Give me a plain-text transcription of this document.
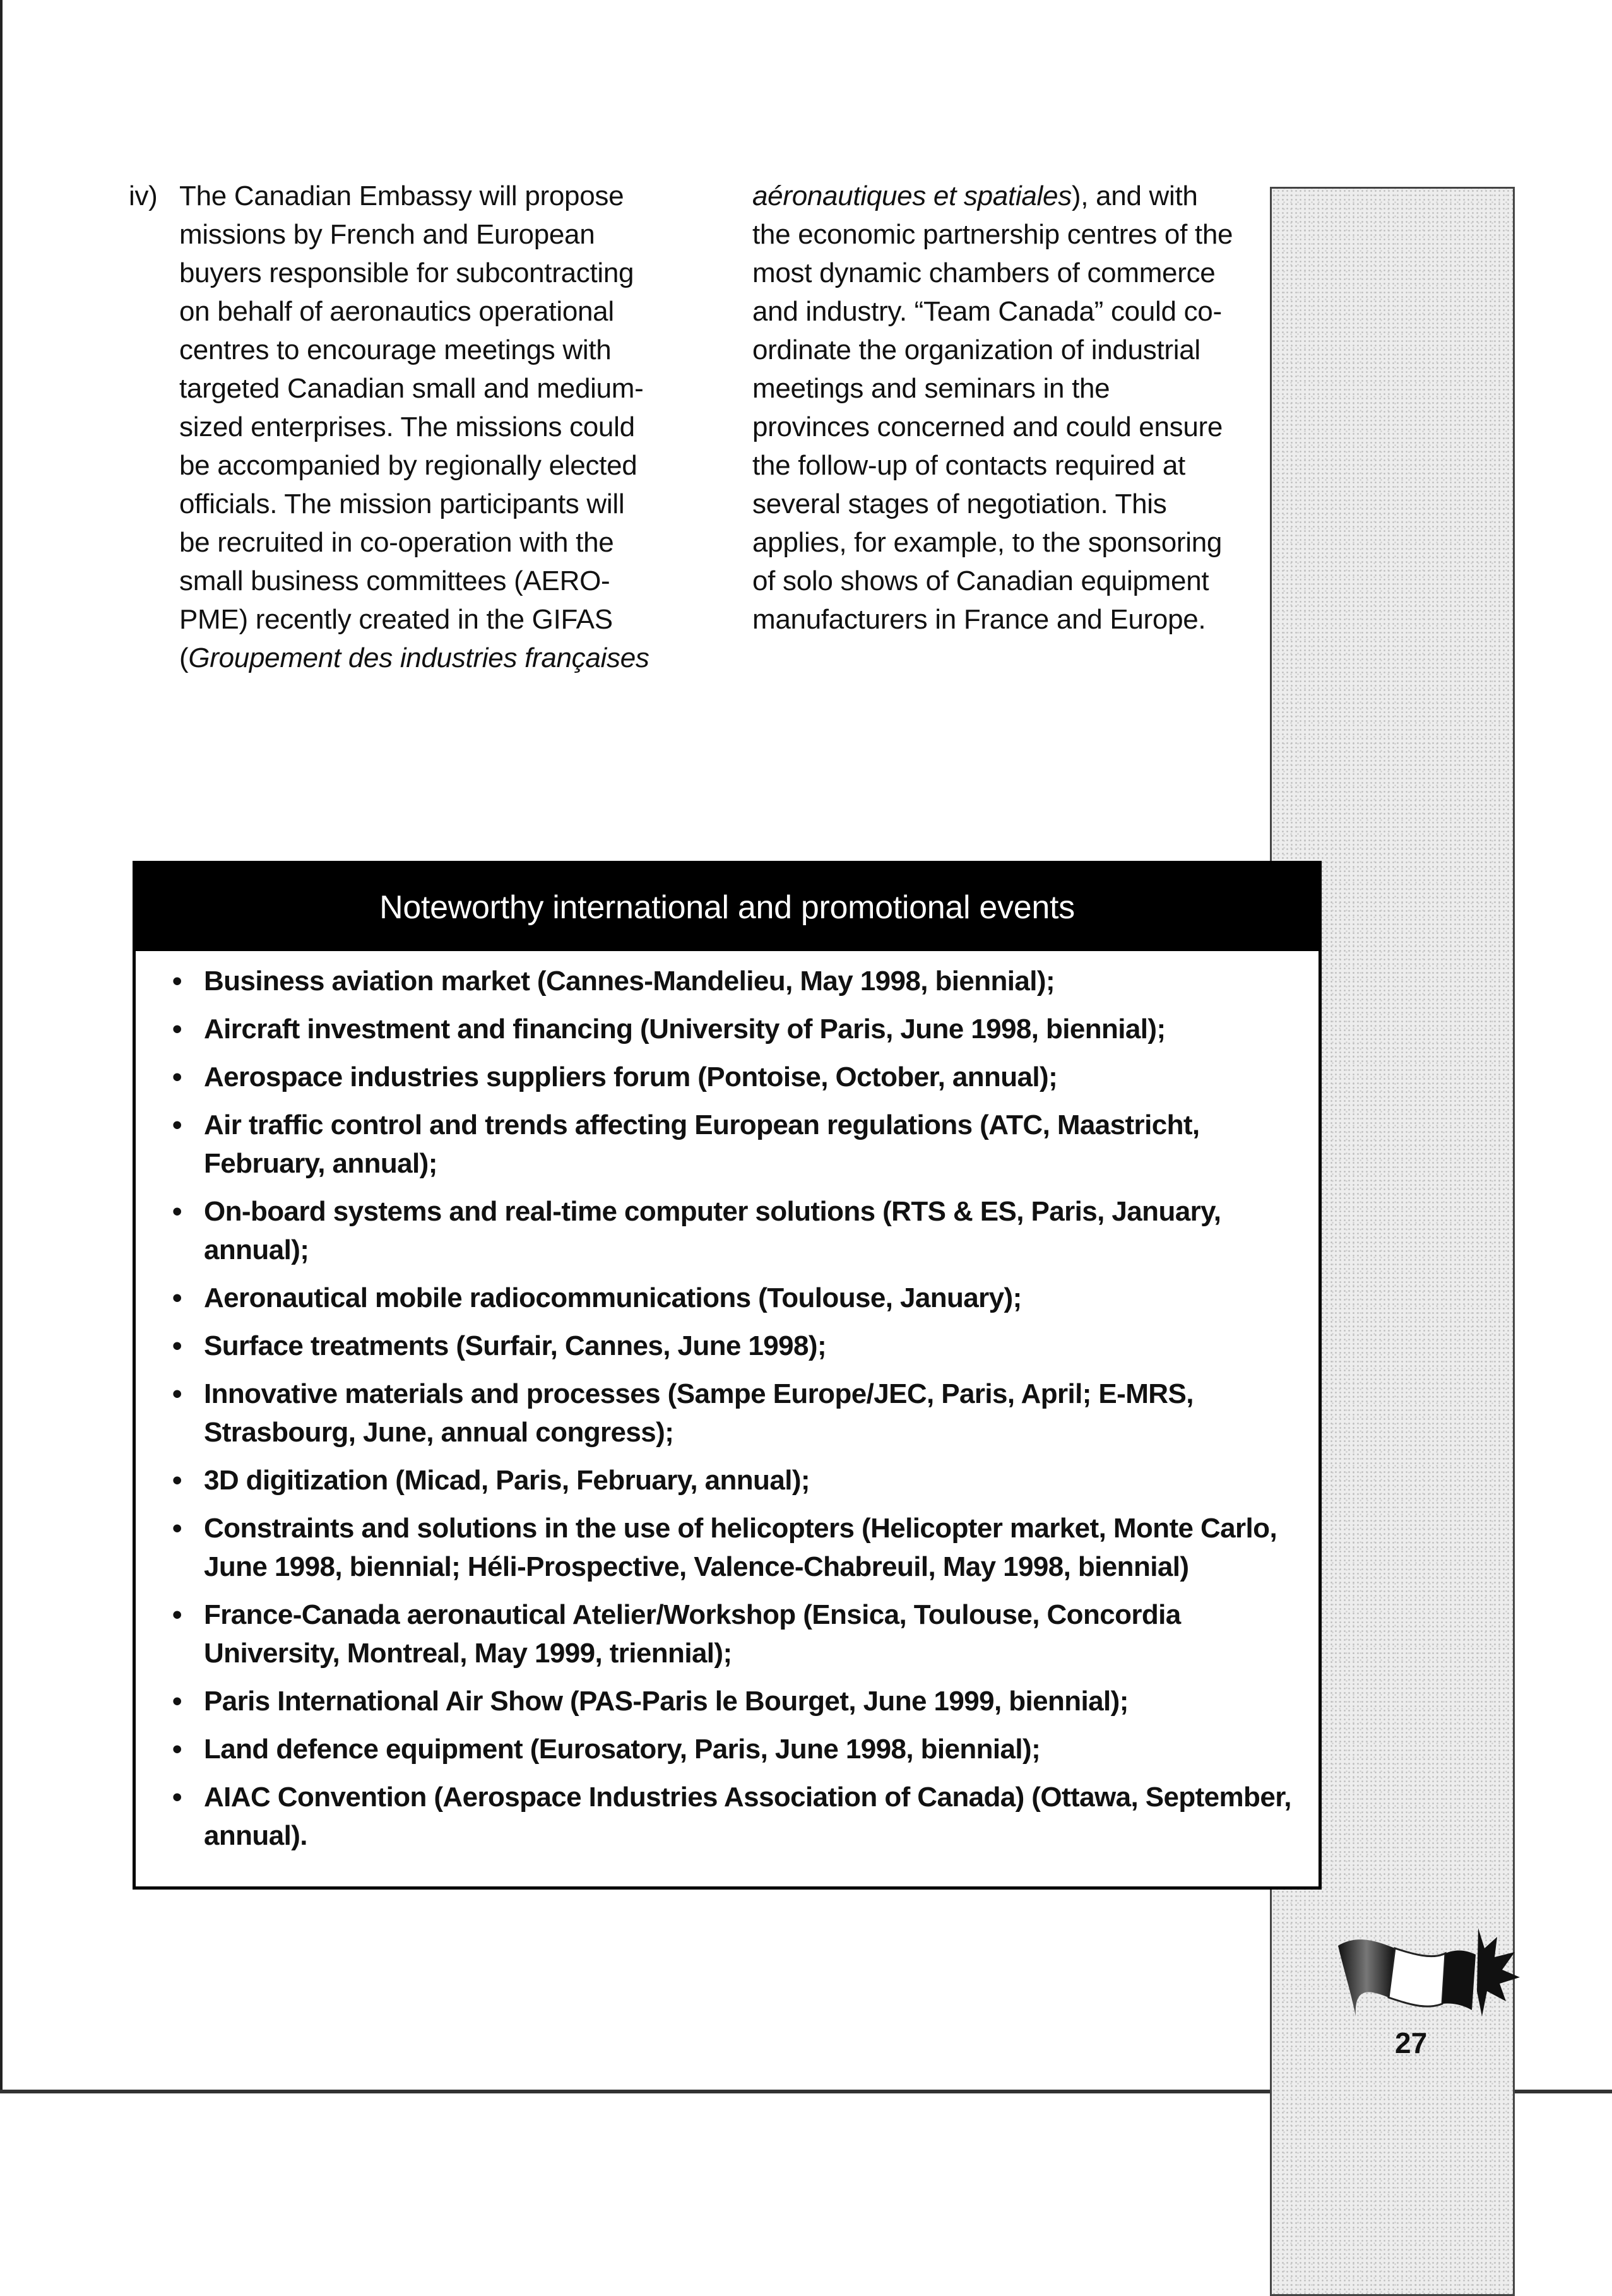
iv) The Canadian Embassy will propose
missions by French and European
buyers responsible for subcontracting
on behalf of aeronautics operational
centres to encourage meetings with
targeted Canadian small and medium-
sized enterprises. The missions could
be accompanied by regionally elected
officials. The mission participants will
be recruited in co-operation with the
small business committees (AERO-
PME) recently created in the GIFAS
(Groupement des industries françaises
aéronautiques et spatiales), and with
the economic partnership centres of the
most dynamic chambers of commerce
and industry. “Team Canada” could co-
ordinate the organization of industrial
meetings and seminars in the
provinces concerned and could ensure
the follow-up of contacts required at
several stages of negotiation. This
applies, for example, to the sponsoring
of solo shows of Canadian equipment
manufacturers in France and Europe.
Noteworthy international and promotional events
• Business aviation market (Cannes-Mandelieu, May 1998, biennial);
• Aircraft investment and financing (University of Paris, June 1998, biennial);
• Aerospace industries suppliers forum (Pontoise, October, annual);
• Air traffic control and trends affecting European regulations (ATC, Maastricht,
February, annual);
• On-board systems and real-time computer solutions (RTS & ES, Paris, January,
annual);
• Aeronautical mobile radiocommunications (Toulouse, January);
• Surface treatments (Surfair, Cannes, June 1998);
• Innovative materials and processes (Sampe Europe/JEC, Paris, April; E-MRS,
Strasbourg, June, annual congress);
• 3D digitization (Micad, Paris, February, annual);
• Constraints and solutions in the use of helicopters (Helicopter market, Monte Carlo,
June 1998, biennial; Héli-Prospective, Valence-Chabreuil, May 1998, biennial)
• France-Canada aeronautical Atelier/Workshop (Ensica, Toulouse, Concordia
University, Montreal, May 1999, triennial);
• Paris International Air Show (PAS-Paris le Bourget, June 1999, biennial);
• Land defence equipment (Eurosatory, Paris, June 1998, biennial);
• AIAC Convention (Aerospace Industries Association of Canada) (Ottawa, September,
annual).
27
